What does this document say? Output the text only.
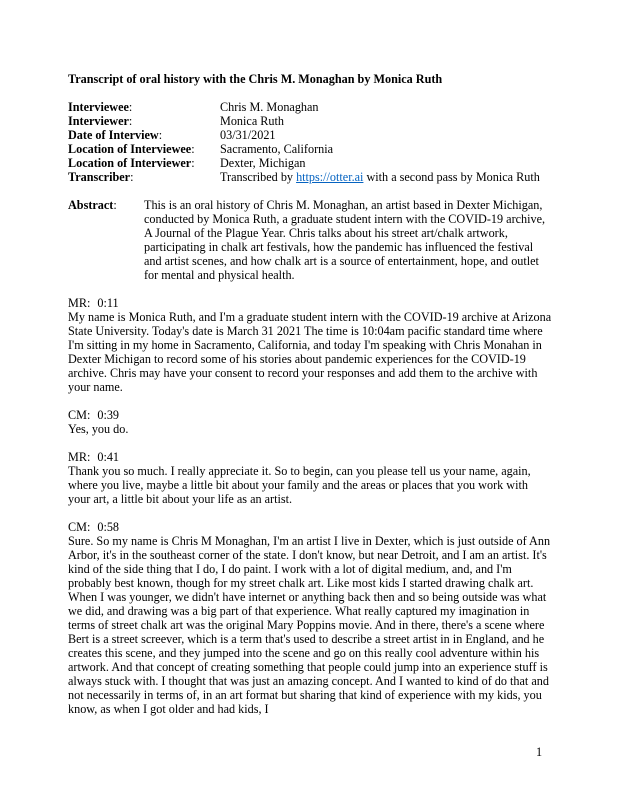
Transcript of oral history with the Chris M. Monaghan by Monica Ruth
Interviewee:	Chris M. Monaghan
Interviewer:	Monica Ruth
Date of Interview:	03/31/2021
Location of Interviewee:	Sacramento, California
Location of Interviewer:	Dexter, Michigan
Transcriber:	Transcribed by https://otter.ai with a second pass by Monica Ruth
Abstract:	This is an oral history of Chris M. Monaghan, an artist based in Dexter Michigan, conducted by Monica Ruth, a graduate student intern with the COVID-19 archive, A Journal of the Plague Year. Chris talks about his street art/chalk artwork, participating in chalk art festivals, how the pandemic has influenced the festival and artist scenes, and how chalk art is a source of entertainment, hope, and outlet for mental and physical health.
MR: 0:11
My name is Monica Ruth, and I'm a graduate student intern with the COVID-19 archive at Arizona State University. Today's date is March 31 2021 The time is 10:04am pacific standard time where I'm sitting in my home in Sacramento, California, and today I'm speaking with Chris Monahan in Dexter Michigan to record some of his stories about pandemic experiences for the COVID-19 archive. Chris may have your consent to record your responses and add them to the archive with your name.
CM: 0:39
Yes, you do.
MR: 0:41
Thank you so much. I really appreciate it. So to begin, can you please tell us your name, again, where you live, maybe a little bit about your family and the areas or places that you work with your art, a little bit about your life as an artist.
CM: 0:58
Sure. So my name is Chris M Monaghan, I'm an artist I live in Dexter, which is just outside of Ann Arbor, it's in the southeast corner of the state. I don't know, but near Detroit, and I am an artist. It's kind of the side thing that I do, I do paint. I work with a lot of digital medium, and, and I'm probably best known, though for my street chalk art. Like most kids I started drawing chalk art. When I was younger, we didn't have internet or anything back then and so being outside was what we did, and drawing was a big part of that experience. What really captured my imagination in terms of street chalk art was the original Mary Poppins movie. And in there, there's a scene where Bert is a street screever, which is a term that's used to describe a street artist in in England, and he creates this scene, and they jumped into the scene and go on this really cool adventure within his artwork. And that concept of creating something that people could jump into an experience stuff is always stuck with. I thought that was just an amazing concept. And I wanted to kind of do that and not necessarily in terms of, in an art format but sharing that kind of experience with my kids, you know, as when I got older and had kids, I
1
